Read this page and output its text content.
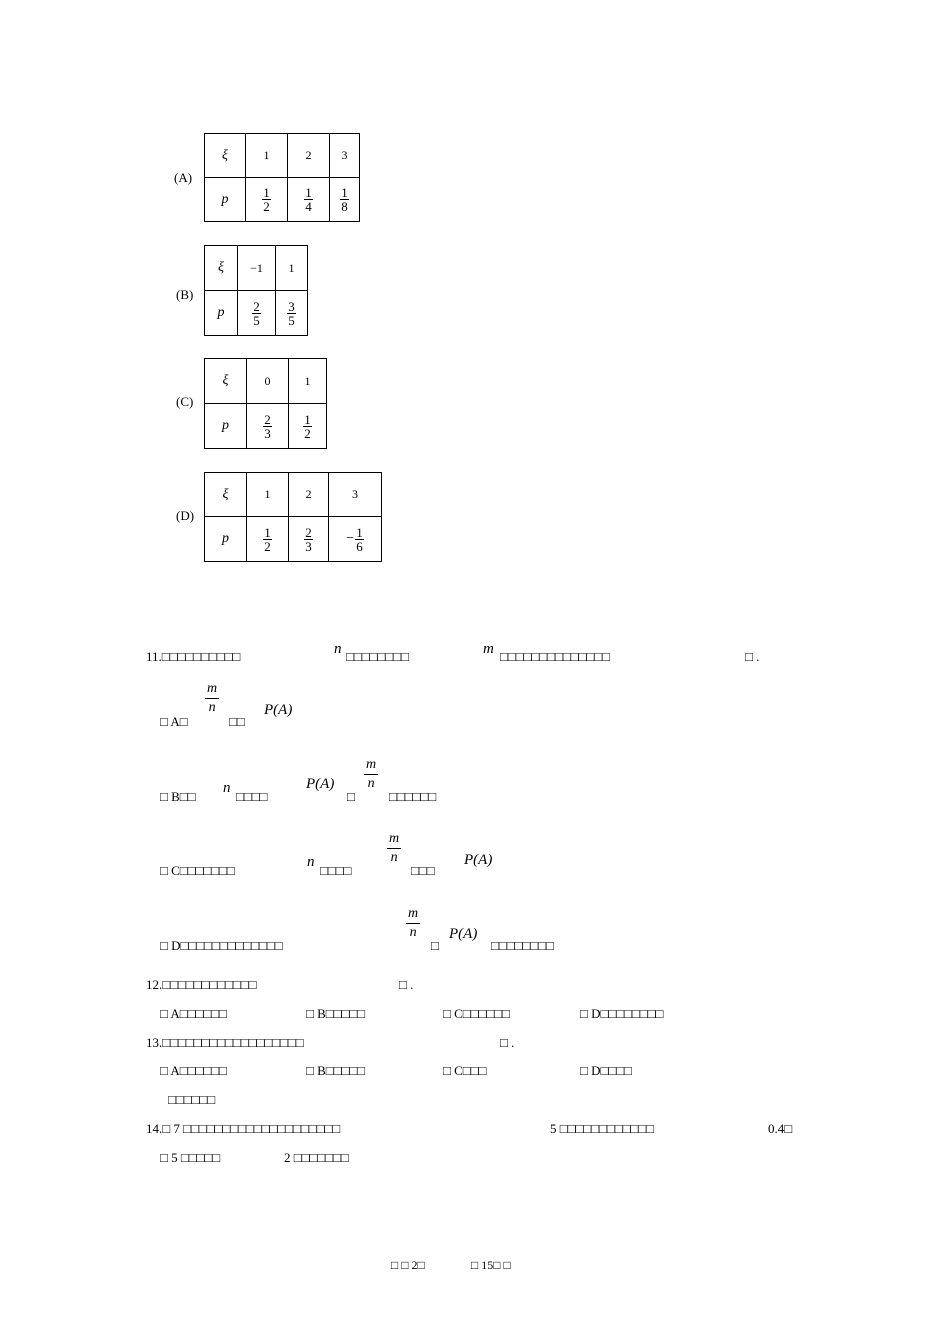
(A)
ξ	1	2	3
p	$\frac{1}{2}$	$\frac{1}{4}$	$\frac{1}{8}$
(B)
ξ	−1	1
p	$\frac{2}{5}$	$\frac{3}{5}$
(C)
ξ	0	1
p	$\frac{2}{3}$	$\frac{1}{2}$
(D)
ξ	1	2	3
p	$\frac{1}{2}$	$\frac{2}{3}$	− $\frac{1}{6}$
11.□□□□□□□□□□	n □□□□□□□□	m □□□□□□□□□□□□□□	□ .
□ A□
$\frac{m}{n}$
□□
P(A)
□ B□□
n
□□□□
P(A)
□
$\frac{m}{n}$
□□□□□□
□ C□□□□□□□
n
□□□□
$\frac{m}{n}$
□□□
P(A)
□ D□□□□□□□□□□□□□
$\frac{m}{n}$
□
P(A)
□□□□□□□□
12.□□□□□□□□□□□□	□ .
□ A□□□□□□	□ B□□□□□	□ C□□□□□□	□ D□□□□□□□□
13.□□□□□□□□□□□□□□□□□□	□ .
□ A□□□□□□	□ B□□□□□	□ C□□□	□ D□□□□
□□□□□□
14.□ 7 □□□□□□□□□□□□□□□□□□□□	5 □□□□□□□□□□□□	0.4□
□ 5 □□□□□	2 □□□□□□□
□ □ 2□	□ 15□ □
